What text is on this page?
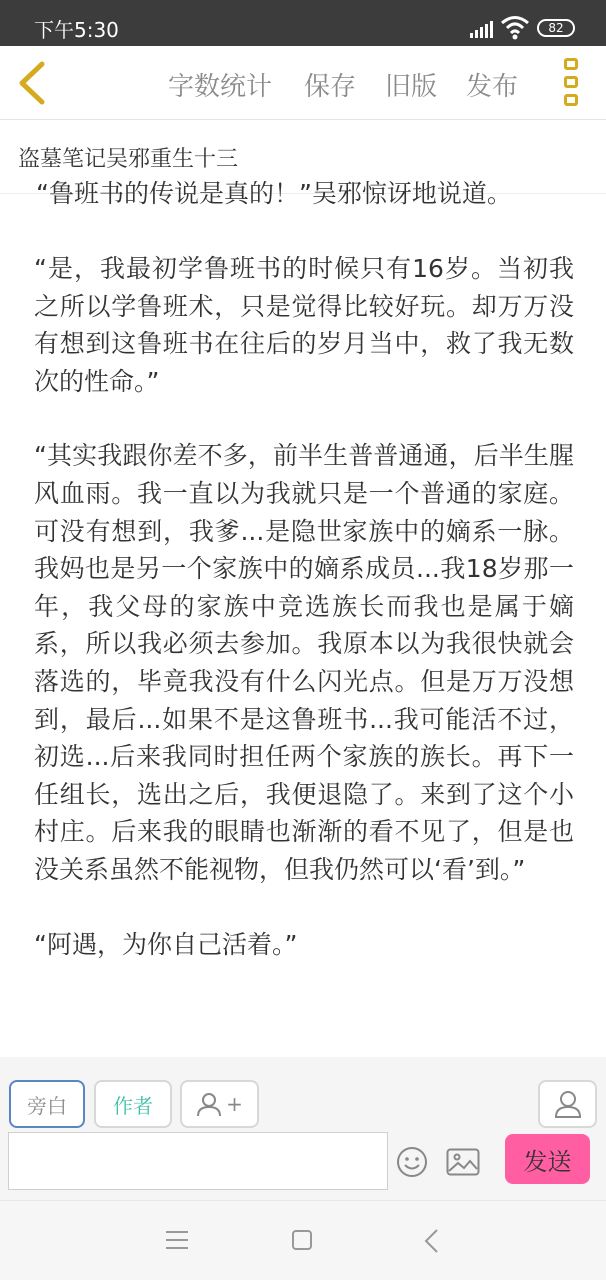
下午5:30	82
字数统计 保存 旧版 发布
盗墓笔记吴邪重生十三
“鲁班书的传说是真的！”吴邪惊讶地说道。

“是，我最初学鲁班书的时候只有16岁。当初我之所以学鲁班术，只是觉得比较好玩。却万万没有想到这鲁班书在往后的岁月当中，救了我无数次的性命。”

“其实我跟你差不多，前半生普普通通，后半生腥风血雨。我一直以为我就只是一个普通的家庭。可没有想到，我爹...是隐世家族中的嫡系一脉。我妈也是另一个家族中的嫡系成员...我18岁那一年，我父母的家族中竞选族长而我也是属于嫡系，所以我必须去参加。我原本以为我很快就会落选的，毕竟我没有什么闪光点。但是万万没想到，最后...如果不是这鲁班书...我可能活不过，初选...后来我同时担任两个家族的族长。再下一任组长，选出之后，我便退隐了。来到了这个小村庄。后来我的眼睛也渐渐的看不见了，但是也没关系虽然不能视物，但我仍然可以‘看’到。”

“阿遇，为你自己活着。”

旁白	作者	+
发送
